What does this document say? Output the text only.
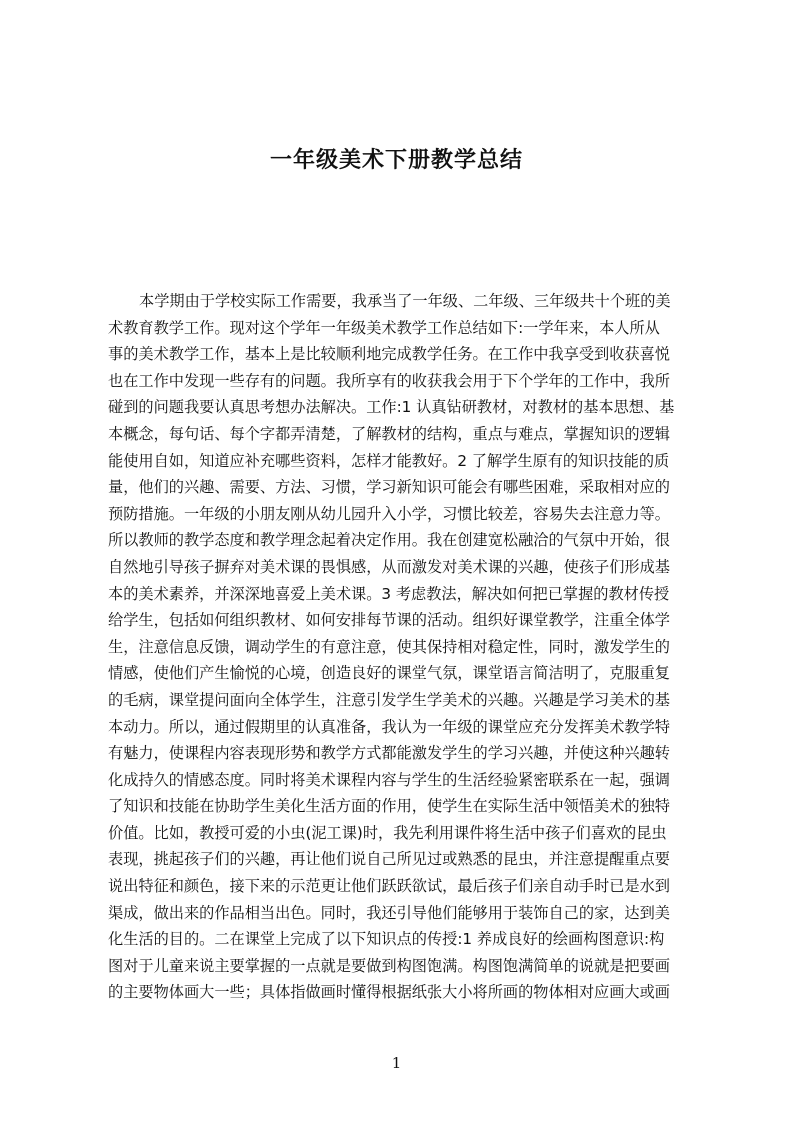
一年级美术下册教学总结
本学期由于学校实际工作需要，我承当了一年级、二年级、三年级共十个班的美
术教育教学工作。现对这个学年一年级美术教学工作总结如下:一学年来，本人所从
事的美术教学工作，基本上是比较顺利地完成教学任务。在工作中我享受到收获喜悦
也在工作中发现一些存有的问题。我所享有的收获我会用于下个学年的工作中，我所
碰到的问题我要认真思考想办法解决。工作:1 认真钻研教材，对教材的基本思想、基
本概念，每句话、每个字都弄清楚，了解教材的结构，重点与难点，掌握知识的逻辑
能使用自如，知道应补充哪些资料，怎样才能教好。2 了解学生原有的知识技能的质
量，他们的兴趣、需要、方法、习惯，学习新知识可能会有哪些困难，采取相对应的
预防措施。一年级的小朋友刚从幼儿园升入小学，习惯比较差，容易失去注意力等。
所以教师的教学态度和教学理念起着决定作用。我在创建宽松融洽的气氛中开始，很
自然地引导孩子摒弃对美术课的畏惧感，从而激发对美术课的兴趣，使孩子们形成基
本的美术素养，并深深地喜爱上美术课。3 考虑教法，解决如何把已掌握的教材传授
给学生，包括如何组织教材、如何安排每节课的活动。组织好课堂教学，注重全体学
生，注意信息反馈，调动学生的有意注意，使其保持相对稳定性，同时，激发学生的
情感，使他们产生愉悦的心境，创造良好的课堂气氛，课堂语言简洁明了，克服重复
的毛病，课堂提问面向全体学生，注意引发学生学美术的兴趣。兴趣是学习美术的基
本动力。所以，通过假期里的认真准备，我认为一年级的课堂应充分发挥美术教学特
有魅力，使课程内容表现形势和教学方式都能激发学生的学习兴趣，并使这种兴趣转
化成持久的情感态度。同时将美术课程内容与学生的生活经验紧密联系在一起，强调
了知识和技能在协助学生美化生活方面的作用，使学生在实际生活中领悟美术的独特
价值。比如，教授可爱的小虫(泥工课)时，我先利用课件将生活中孩子们喜欢的昆虫
表现，挑起孩子们的兴趣，再让他们说自己所见过或熟悉的昆虫，并注意提醒重点要
说出特征和颜色，接下来的示范更让他们跃跃欲试，最后孩子们亲自动手时已是水到
渠成，做出来的作品相当出色。同时，我还引导他们能够用于装饰自己的家，达到美
化生活的目的。二在课堂上完成了以下知识点的传授:1 养成良好的绘画构图意识:构
图对于儿童来说主要掌握的一点就是要做到构图饱满。构图饱满简单的说就是把要画
的主要物体画大一些；具体指做画时懂得根据纸张大小将所画的物体相对应画大或画
1
